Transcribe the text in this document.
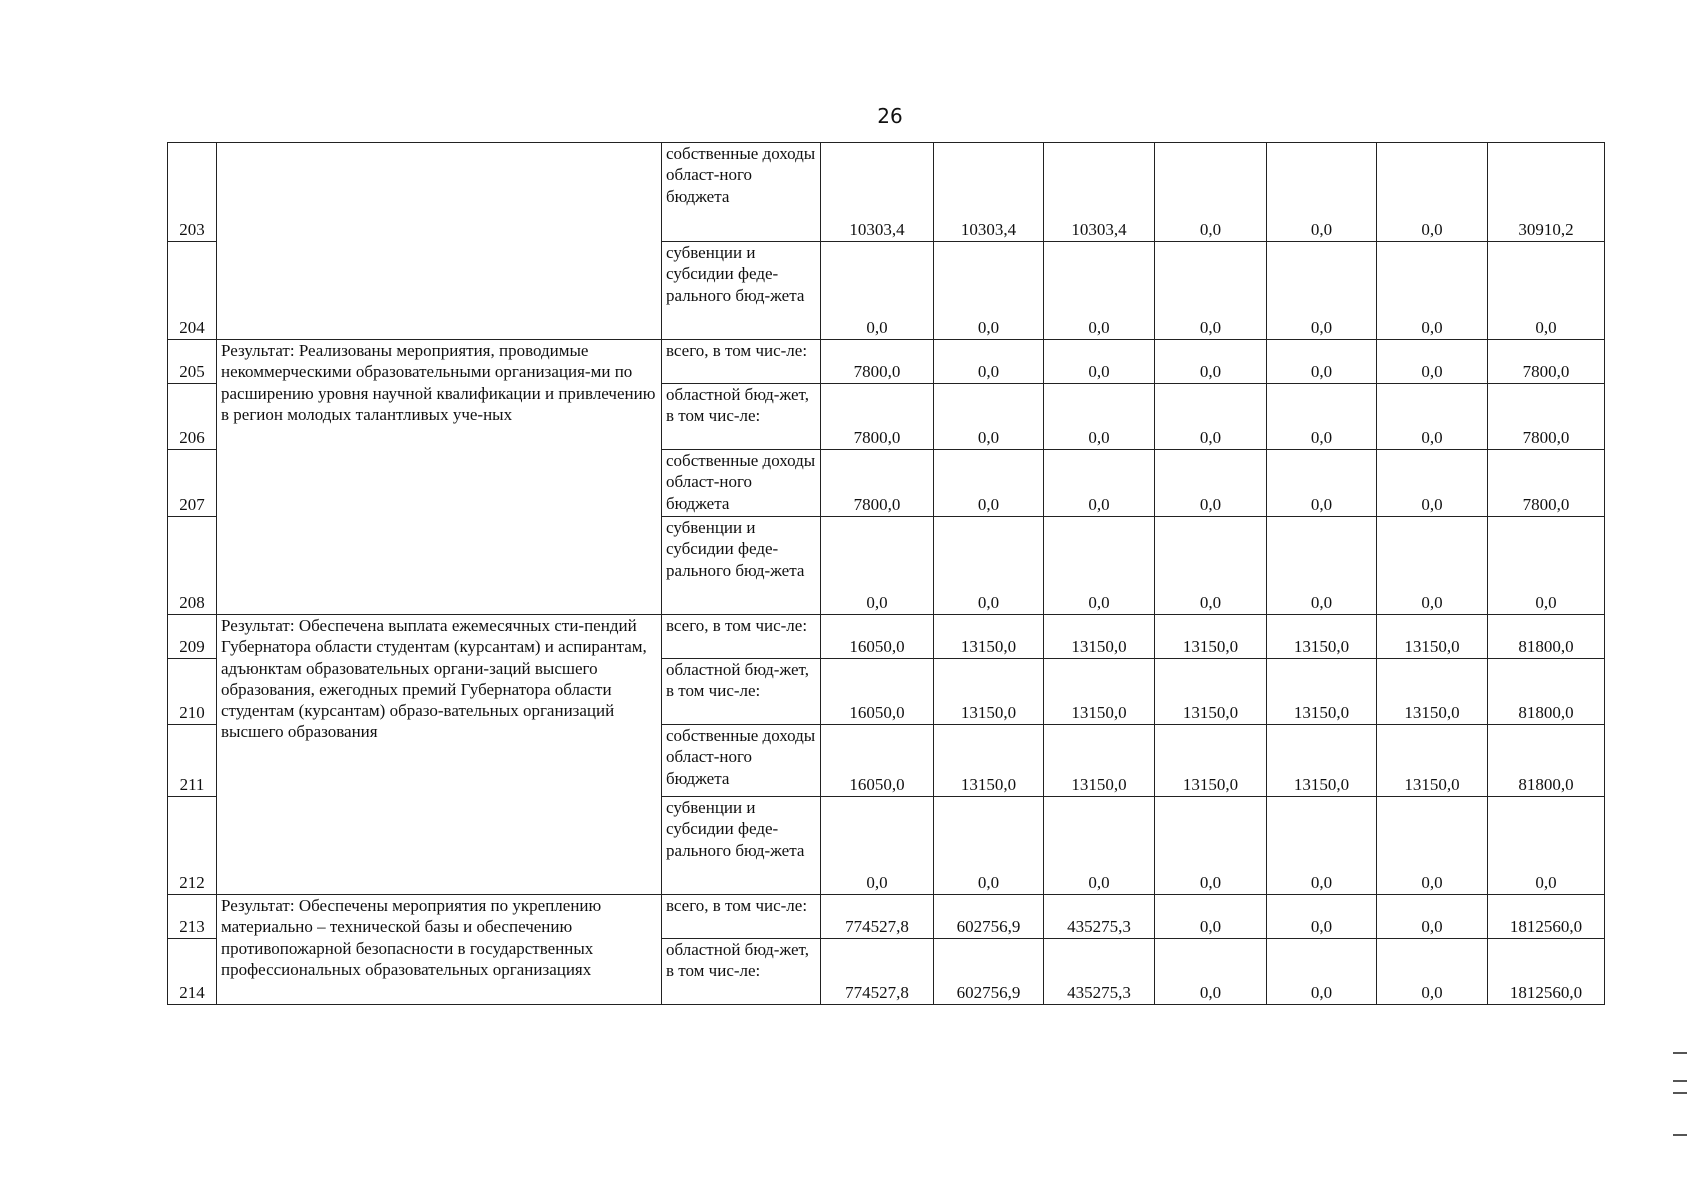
26
203		собственные доходы област-ного бюджета	10303,4	10303,4	10303,4	0,0	0,0	0,0	30910,2
204		субвенции и субсидии феде-рального бюд-жета	0,0	0,0	0,0	0,0	0,0	0,0	0,0
205	Результат: Реализованы мероприятия, проводимые некоммерческими образовательными организация-ми по расширению уровня научной квалификации и привлечению в регион молодых талантливых уче-ных	всего, в том чис-ле:	7800,0	0,0	0,0	0,0	0,0	0,0	7800,0
206		областной бюд-жет, в том чис-ле:	7800,0	0,0	0,0	0,0	0,0	0,0	7800,0
207		собственные доходы област-ного бюджета	7800,0	0,0	0,0	0,0	0,0	0,0	7800,0
208		субвенции и субсидии феде-рального бюд-жета	0,0	0,0	0,0	0,0	0,0	0,0	0,0
209	Результат: Обеспечена выплата ежемесячных сти-пендий Губернатора области студентам (курсантам) и аспирантам, адъюнктам образовательных органи-заций высшего образования, ежегодных премий Губернатора области студентам (курсантам) образо-вательных организаций высшего образования	всего, в том чис-ле:	16050,0	13150,0	13150,0	13150,0	13150,0	13150,0	81800,0
210		областной бюд-жет, в том чис-ле:	16050,0	13150,0	13150,0	13150,0	13150,0	13150,0	81800,0
211		собственные доходы област-ного бюджета	16050,0	13150,0	13150,0	13150,0	13150,0	13150,0	81800,0
212		субвенции и субсидии феде-рального бюд-жета	0,0	0,0	0,0	0,0	0,0	0,0	0,0
213	Результат: Обеспечены мероприятия по укреплению материально – технической базы и обеспечению противопожарной безопасности в государственных профессиональных образовательных организациях	всего, в том чис-ле:	774527,8	602756,9	435275,3	0,0	0,0	0,0	1812560,0
214		областной бюд-жет, в том чис-ле:	774527,8	602756,9	435275,3	0,0	0,0	0,0	1812560,0
